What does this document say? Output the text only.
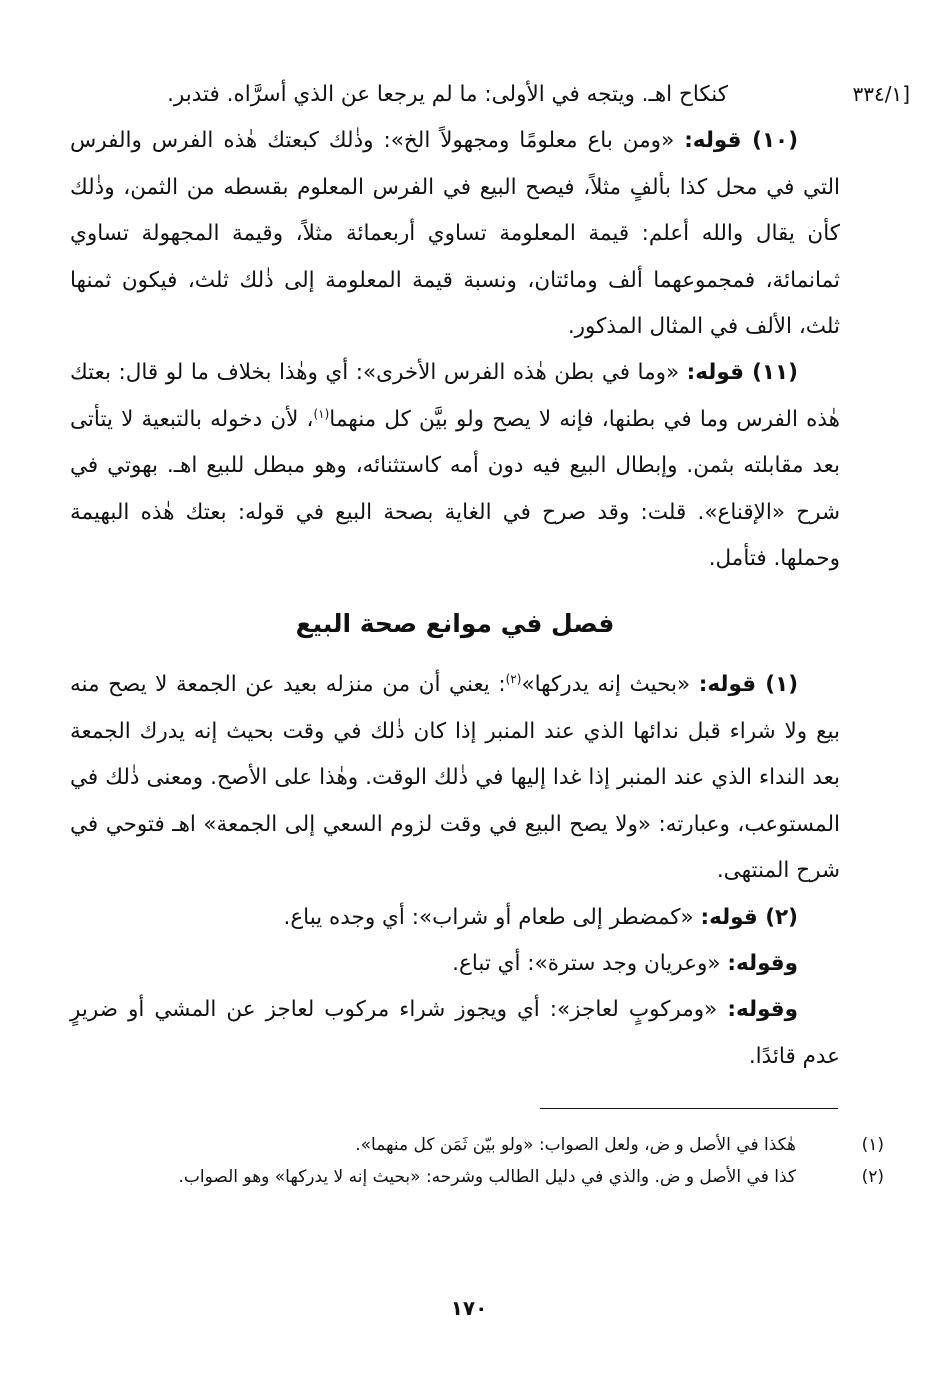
[٣٣٤/١

كنكاح اهـ. ويتجه في الأولى: ما لم يرجعا عن الذي أسرَّاه. فتدبر.

(١٠) قوله: «ومن باع معلومًا ومجهولاً الخ»: وذٰلك كبعتك هٰذه الفرس والفرس التي في محل كذا بألفٍ مثلاً، فيصح البيع في الفرس المعلوم بقسطه من الثمن، وذٰلك كأن يقال والله أعلم: قيمة المعلومة تساوي أربعمائة مثلاً، وقيمة المجهولة تساوي ثمانمائة، فمجموعهما ألف ومائتان، ونسبة قيمة المعلومة إلى ذٰلك ثلث، فيكون ثمنها ثلث، الألف في المثال المذكور.

(١١) قوله: «وما في بطن هٰذه الفرس الأخرى»: أي وهٰذا بخلاف ما لو قال: بعتك هٰذه الفرس وما في بطنها، فإنه لا يصح ولو بيَّن كل منهما$^{(١)}$، لأن دخوله بالتبعية لا يتأتى بعد مقابلته بثمن. وإبطال البيع فيه دون أمه كاستثنائه، وهو مبطل للبيع اهـ. بهوتي في شرح «الإقناع». قلت: وقد صرح في الغاية بصحة البيع في قوله: بعتك هٰذه البهيمة وحملها. فتأمل.

فصل في موانع صحة البيع

(١) قوله: «بحيث إنه يدركها»$^{(٢)}$: يعني أن من منزله بعيد عن الجمعة لا يصح منه بيع ولا شراء قبل ندائها الذي عند المنبر إذا كان ذٰلك في وقت بحيث إنه يدرك الجمعة بعد النداء الذي عند المنبر إذا غدا إليها في ذٰلك الوقت. وهٰذا على الأصح. ومعنى ذٰلك في المستوعب، وعبارته: «ولا يصح البيع في وقت لزوم السعي إلى الجمعة» اهـ فتوحي في شرح المنتهى.

(٢) قوله: «كمضطر إلى طعام أو شراب»: أي وجده يباع.

وقوله: «وعريان وجد سترة»: أي تباع.

وقوله: «ومركوبٍ لعاجز»: أي ويجوز شراء مركوب لعاجز عن المشي أو ضريرٍ عدم قائدًا.

(١)هٰكذا في الأصل و ض، ولعل الصواب: «ولو بيّن ثَمَن كل منهما».

(٢)كذا في الأصل و ض. والذي في دليل الطالب وشرحه: «بحيث إنه لا يدركها» وهو الصواب.

١٧٠
